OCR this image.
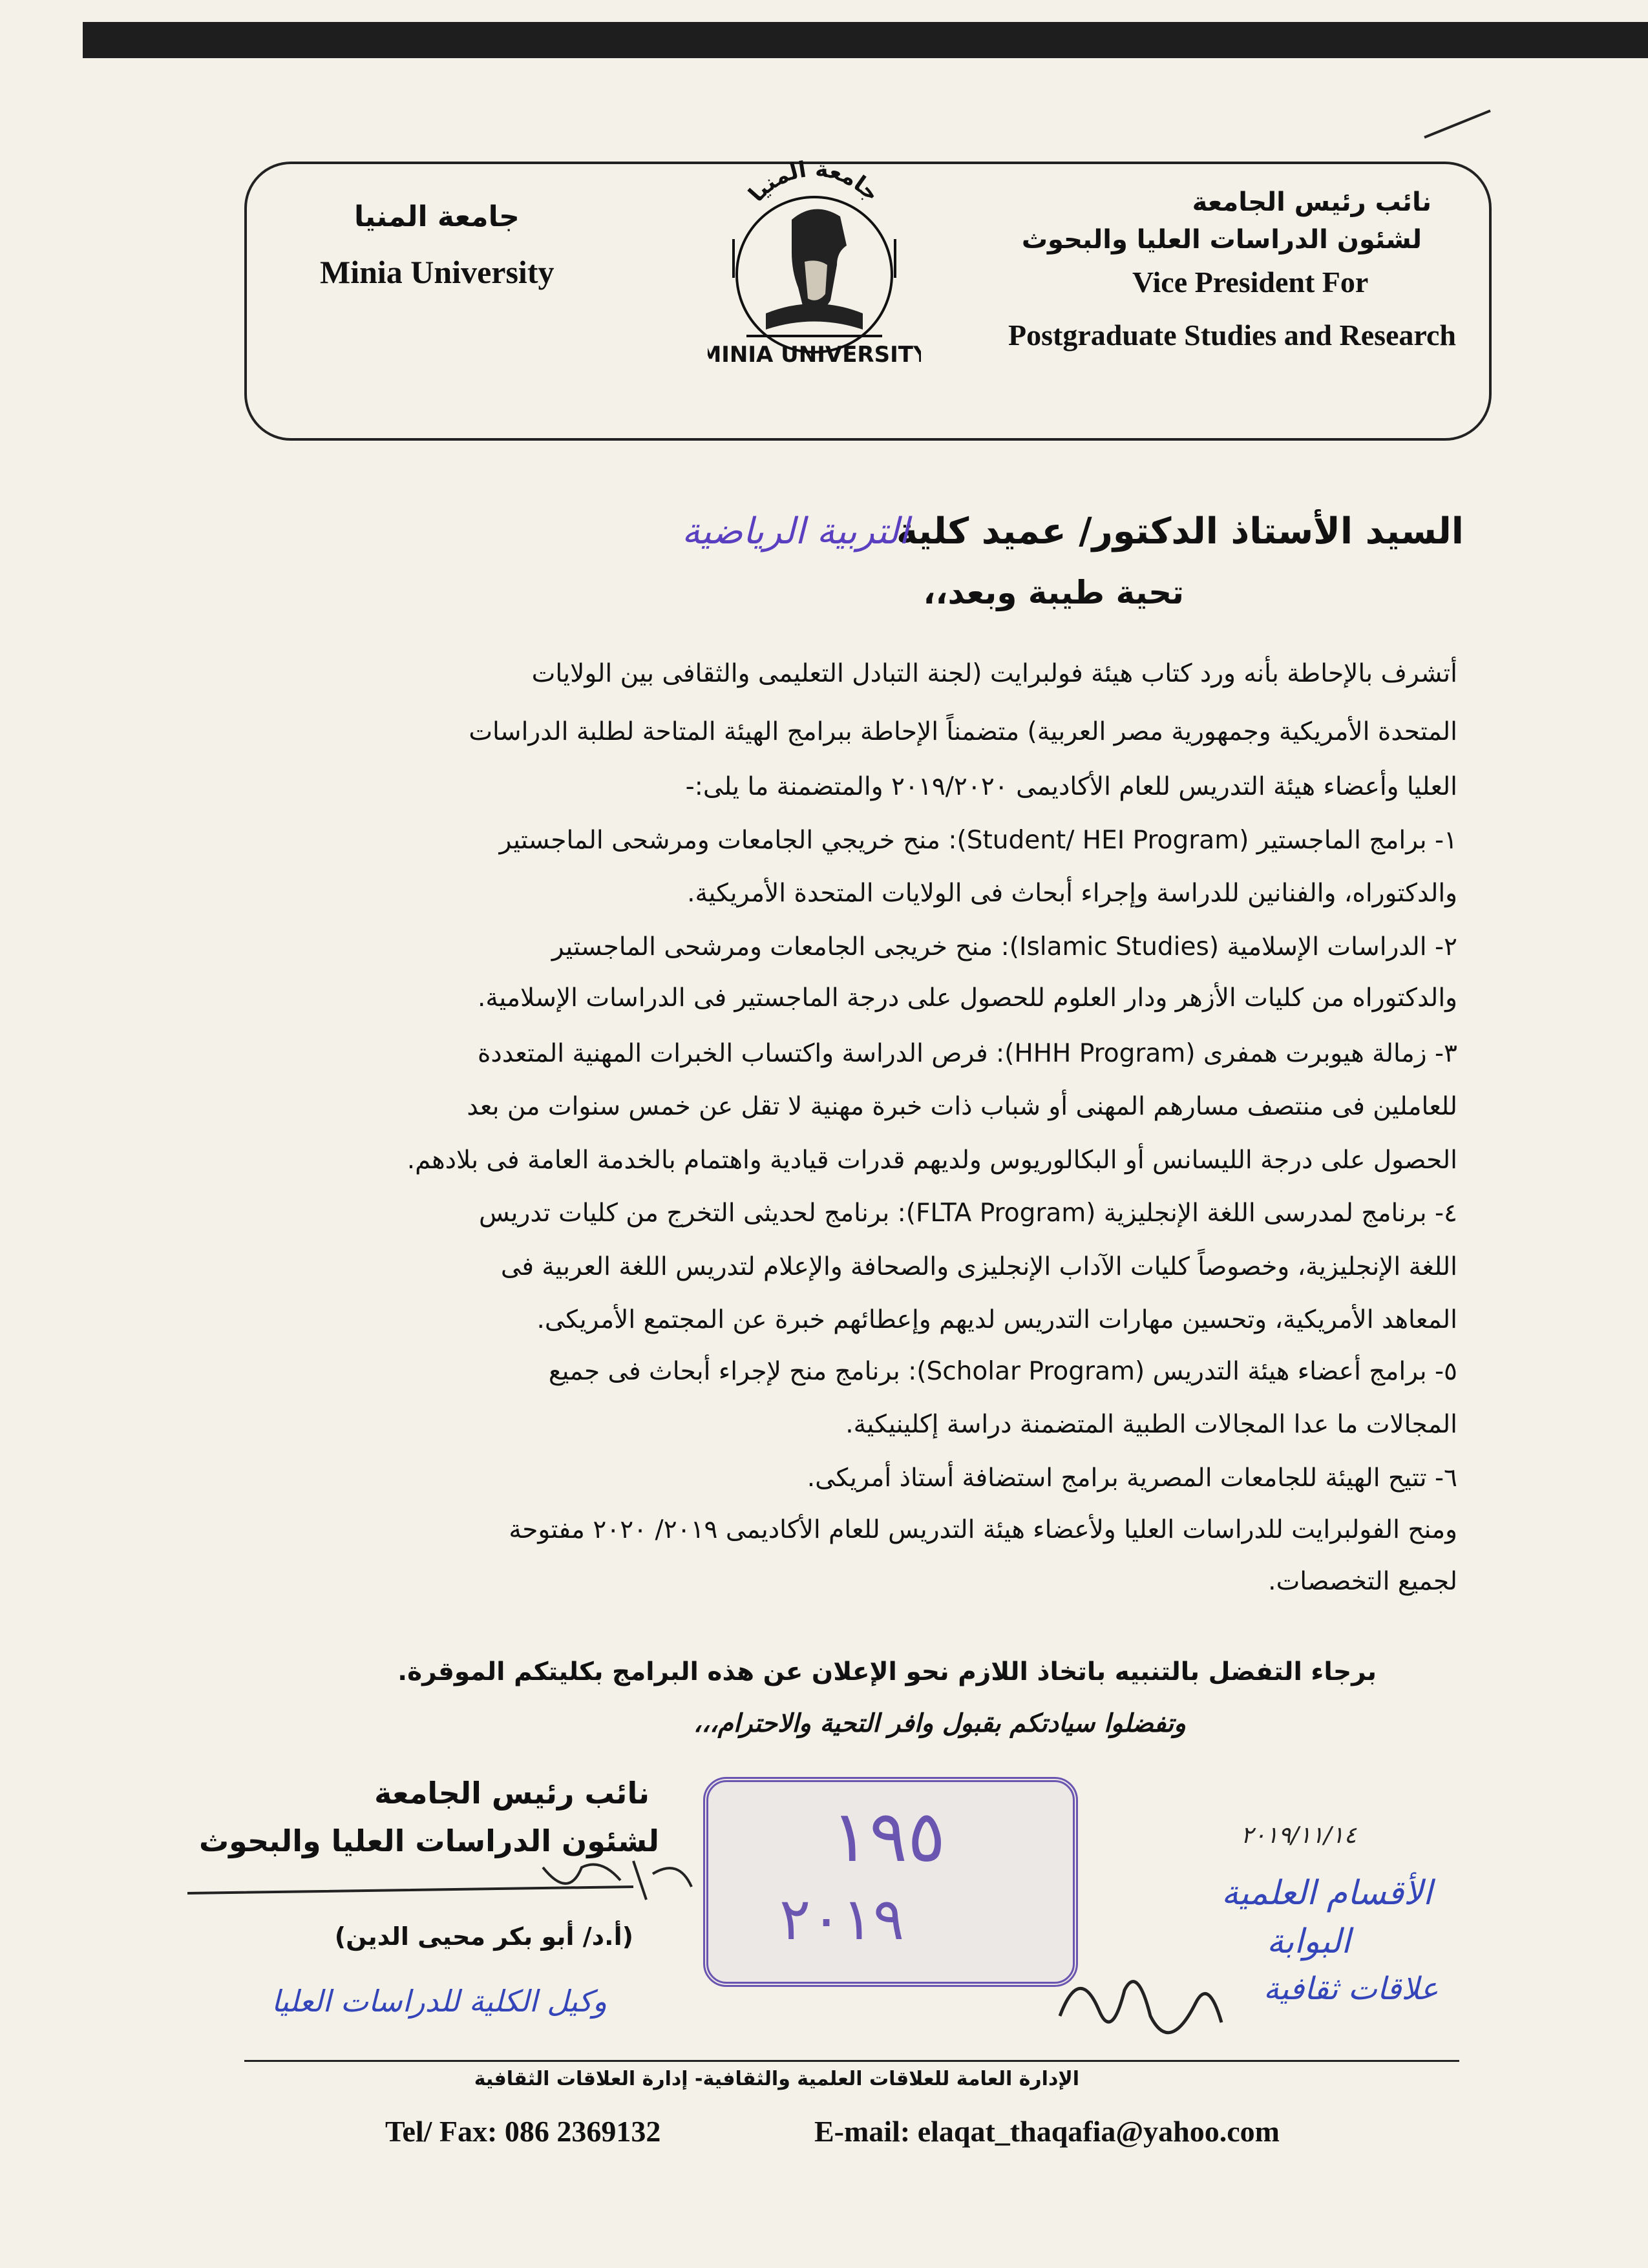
جامعة المنيا
Minia University
نائب رئيس الجامعة
لشئون الدراسات العليا والبحوث
Vice President For
Postgraduate Studies and Research
جامعة المنيا
MINIA UNIVERSITY
السيد الأستاذ الدكتور/ عميد كلية
التربية الرياضية
تحية طيبة وبعد،،
أتشرف بالإحاطة بأنه ورد كتاب هيئة فولبرايت (لجنة التبادل التعليمى والثقافى بين الولايات
المتحدة الأمريكية وجمهورية مصر العربية) متضمناً الإحاطة ببرامج الهيئة المتاحة لطلبة الدراسات
العليا وأعضاء هيئة التدريس للعام الأكاديمى ٢٠١٩/٢٠٢٠ والمتضمنة ما يلى:-
١- برامج الماجستير (Student/ HEI Program): منح خريجي الجامعات ومرشحى الماجستير
والدكتوراه، والفنانين للدراسة وإجراء أبحاث فى الولايات المتحدة الأمريكية.
٢- الدراسات الإسلامية (Islamic Studies): منح خريجى الجامعات ومرشحى الماجستير
والدكتوراه من كليات الأزهر ودار العلوم للحصول على درجة الماجستير فى الدراسات الإسلامية.
٣- زمالة هيوبرت همفرى (HHH Program): فرص الدراسة واكتساب الخبرات المهنية المتعددة
للعاملين فى منتصف مسارهم المهنى أو شباب ذات خبرة مهنية لا تقل عن خمس سنوات من بعد
الحصول على درجة الليسانس أو البكالوريوس ولديهم قدرات قيادية واهتمام بالخدمة العامة فى بلادهم.
٤- برنامج لمدرسى اللغة الإنجليزية (FLTA Program): برنامج لحديثى التخرج من كليات تدريس
اللغة الإنجليزية، وخصوصاً كليات الآداب الإنجليزى والصحافة والإعلام لتدريس اللغة العربية فى
المعاهد الأمريكية، وتحسين مهارات التدريس لديهم وإعطائهم خبرة عن المجتمع الأمريكى.
٥- برامج أعضاء هيئة التدريس (Scholar Program): برنامج منح لإجراء أبحاث فى جميع
المجالات ما عدا المجالات الطبية المتضمنة دراسة إكلينيكية.
٦- تتيح الهيئة للجامعات المصرية برامج استضافة أستاذ أمريكى.
ومنح الفولبرايت للدراسات العليا ولأعضاء هيئة التدريس للعام الأكاديمى ٢٠١٩/ ٢٠٢٠ مفتوحة
لجميع التخصصات.
برجاء التفضل بالتنبيه باتخاذ اللازم نحو الإعلان عن هذه البرامج بكليتكم الموقرة.
وتفضلوا سيادتكم بقبول وافر التحية والاحترام،،،
نائب رئيس الجامعة
لشئون الدراسات العليا والبحوث
(أ.د/ أبو بكر محيى الدين)
١٩٥
٢٠١٩
٢٠١٩/١١/١٤
الأقسام العلمية
البوابة
علاقات ثقافية
وكيل الكلية للدراسات العليا
الإدارة العامة للعلاقات العلمية والثقافية- إدارة العلاقات الثقافية
Tel/ Fax: 086 2369132	E-mail: elaqat_thaqafia@yahoo.com
